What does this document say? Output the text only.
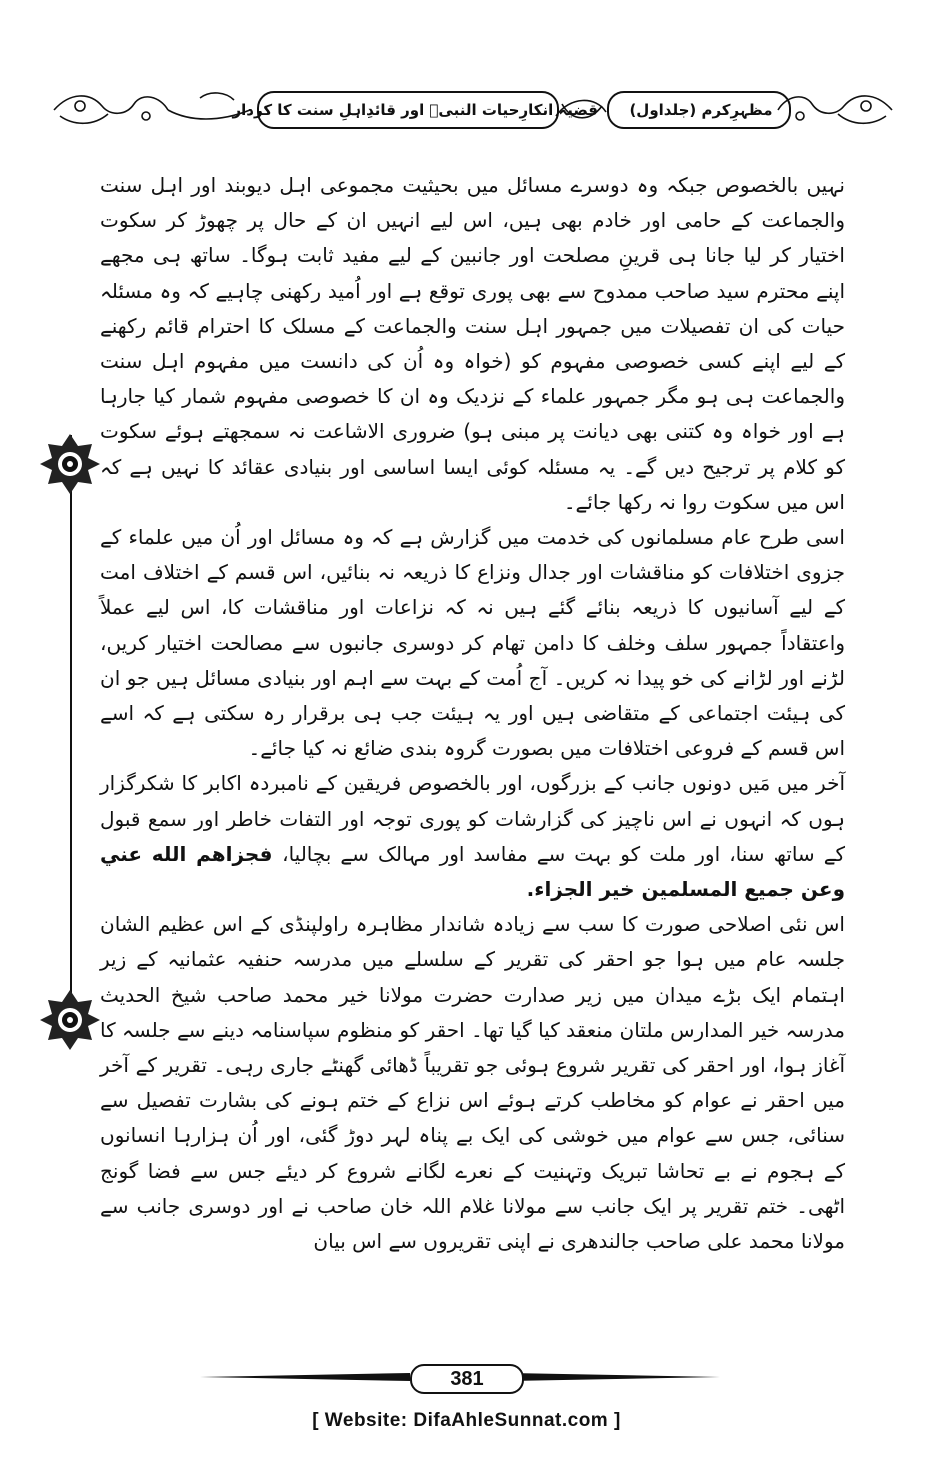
مظہرِکرم (جلداول)
قضیہ انکارِحیات النبیؐ اور قائدِاہلِ سنت کا کردار

نہیں بالخصوص جبکہ وہ دوسرے مسائل میں بحیثیت مجموعی اہل دیوبند اور اہل سنت والجماعت کے حامی اور خادم بھی ہیں، اس لیے انہیں ان کے حال پر چھوڑ کر سکوت اختیار کر لیا جانا ہی قرینِ مصلحت اور جانبین کے لیے مفید ثابت ہوگا۔ ساتھ ہی مجھے اپنے محترم سید صاحب ممدوح سے بھی پوری توقع ہے اور اُمید رکھنی چاہیے کہ وہ مسئلہ حیات کی ان تفصیلات میں جمہور اہل سنت والجماعت کے مسلک کا احترام قائم رکھنے کے لیے اپنے کسی خصوصی مفہوم کو (خواہ وہ اُن کی دانست میں مفہوم اہل سنت والجماعت ہی ہو مگر جمہور علماء کے نزدیک وہ ان کا خصوصی مفہوم شمار کیا جارہا ہے اور خواہ وہ کتنی بھی دیانت پر مبنی ہو) ضروری الاشاعت نہ سمجھتے ہوئے سکوت کو کلام پر ترجیح دیں گے۔ یہ مسئلہ کوئی ایسا اساسی اور بنیادی عقائد کا نہیں ہے کہ اس میں سکوت روا نہ رکھا جائے۔

اسی طرح عام مسلمانوں کی خدمت میں گزارش ہے کہ وہ مسائل اور اُن میں علماء کے جزوی اختلافات کو مناقشات اور جدال ونزاع کا ذریعہ نہ بنائیں، اس قسم کے اختلاف امت کے لیے آسانیوں کا ذریعہ بنائے گئے ہیں نہ کہ نزاعات اور مناقشات کا، اس لیے عملاً واعتقاداً جمہور سلف وخلف کا دامن تھام کر دوسری جانبوں سے مصالحت اختیار کریں، لڑنے اور لڑانے کی خو پیدا نہ کریں۔ آج اُمت کے بہت سے اہم اور بنیادی مسائل ہیں جو ان کی ہیئت اجتماعی کے متقاضی ہیں اور یہ ہیئت جب ہی برقرار رہ سکتی ہے کہ اسے اس قسم کے فروعی اختلافات میں بصورت گروہ بندی ضائع نہ کیا جائے۔

آخر میں مَیں دونوں جانب کے بزرگوں، اور بالخصوص فریقین کے نامبردہ اکابر کا شکرگزار ہوں کہ انہوں نے اس ناچیز کی گزارشات کو پوری توجہ اور التفات خاطر اور سمع قبول کے ساتھ سنا، اور ملت کو بہت سے مفاسد اور مہالک سے بچالیا، فجزاهم الله عني وعن جميع المسلمين خير الجزاء.

اس نئی اصلاحی صورت کا سب سے زیادہ شاندار مظاہرہ راولپنڈی کے اس عظیم الشان جلسہ عام میں ہوا جو احقر کی تقریر کے سلسلے میں مدرسہ حنفیہ عثمانیہ کے زیر اہتمام ایک بڑے میدان میں زیر صدارت حضرت مولانا خیر محمد صاحب شیخ الحدیث مدرسہ خیر المدارس ملتان منعقد کیا گیا تھا۔ احقر کو منظوم سپاسنامہ دینے سے جلسہ کا آغاز ہوا، اور احقر کی تقریر شروع ہوئی جو تقریباً ڈھائی گھنٹے جاری رہی۔ تقریر کے آخر میں احقر نے عوام کو مخاطب کرتے ہوئے اس نزاع کے ختم ہونے کی بشارت تفصیل سے سنائی، جس سے عوام میں خوشی کی ایک بے پناہ لہر دوڑ گئی، اور اُن ہزارہا انسانوں کے ہجوم نے بے تحاشا تبریک وتہنیت کے نعرے لگانے شروع کر دیئے جس سے فضا گونج اٹھی۔ ختم تقریر پر ایک جانب سے مولانا غلام اللہ خان صاحب نے اور دوسری جانب سے مولانا محمد علی صاحب جالندھری نے اپنی تقریروں سے اس بیان

381
[ Website: DifaAhleSunnat.com ]
